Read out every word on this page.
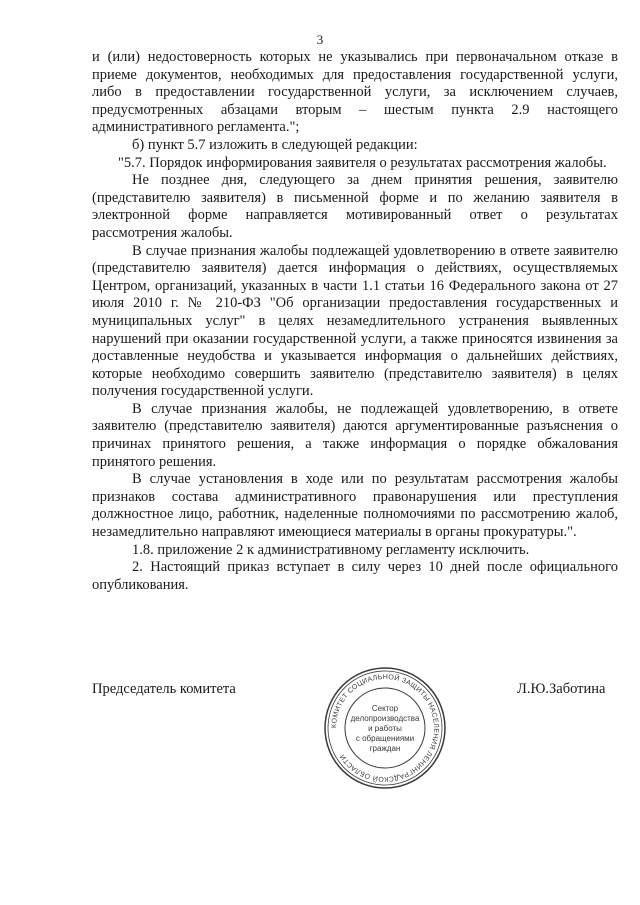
3

и (или) недостоверность которых не указывались при первоначальном отказе в приеме документов, необходимых для предоставления государственной услуги, либо в предоставлении государственной услуги, за исключением случаев, предусмотренных абзацами вторым – шестым пункта 2.9 настоящего административного регламента.";

б) пункт 5.7 изложить в следующей редакции:

"5.7. Порядок информирования заявителя о результатах рассмотрения жалобы.

Не позднее дня, следующего за днем принятия решения, заявителю (представителю заявителя) в письменной форме и по желанию заявителя в электронной форме направляется мотивированный ответ о результатах рассмотрения жалобы.

В случае признания жалобы подлежащей удовлетворению в ответе заявителю (представителю заявителя) дается информация о действиях, осуществляемых Центром, организаций, указанных в части 1.1 статьи 16 Федерального закона от 27 июля 2010 г. № 210-ФЗ "Об организации предоставления государственных и муниципальных услуг" в целях незамедлительного устранения выявленных нарушений при оказании государственной услуги, а также приносятся извинения за доставленные неудобства и указывается информация о дальнейших действиях, которые необходимо совершить заявителю (представителю заявителя) в целях получения государственной услуги.

В случае признания жалобы, не подлежащей удовлетворению, в ответе заявителю (представителю заявителя) даются аргументированные разъяснения о причинах принятого решения, а также информация о порядке обжалования принятого решения.

В случае установления в ходе или по результатам рассмотрения жалобы признаков состава административного правонарушения или преступления должностное лицо, работник, наделенные полномочиями по рассмотрению жалоб, незамедлительно направляют имеющиеся материалы в органы прокуратуры.".

1.8. приложение 2 к административному регламенту исключить.

2. Настоящий приказ вступает в силу через 10 дней после официального опубликования.

Председатель комитета	Л.Ю.Заботина
КОМИТЕТ СОЦИАЛЬНОЙ ЗАЩИТЫ НАСЕЛЕНИЯ ЛЕНИНГРАДСКОЙ ОБЛАСТИ
Сектор делопроизводства и работы с обращениями граждан
